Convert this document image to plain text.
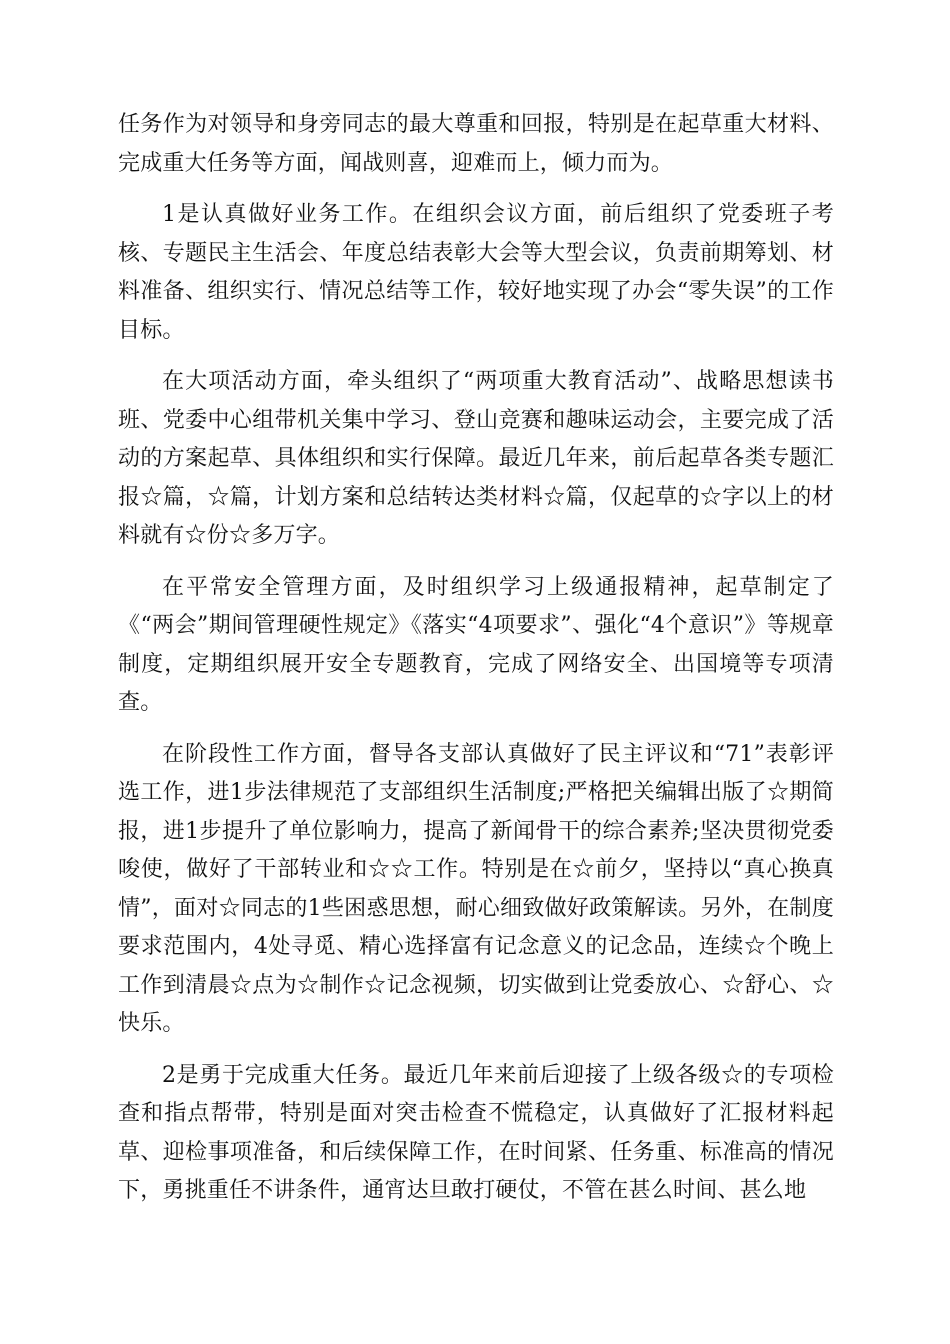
任务作为对领导和身旁同志的最大尊重和回报，特别是在起草重大材料、完成重大任务等方面，闻战则喜，迎难而上，倾力而为。

1是认真做好业务工作。在组织会议方面，前后组织了党委班子考核、专题民主生活会、年度总结表彰大会等大型会议，负责前期筹划、材料准备、组织实行、情况总结等工作，较好地实现了办会“零失误”的工作目标。

在大项活动方面，牵头组织了“两项重大教育活动”、战略思想读书班、党委中心组带机关集中学习、登山竞赛和趣味运动会，主要完成了活动的方案起草、具体组织和实行保障。最近几年来，前后起草各类专题汇报☆篇，☆篇，计划方案和总结转达类材料☆篇，仅起草的☆字以上的材料就有☆份☆多万字。

在平常安全管理方面，及时组织学习上级通报精神，起草制定了《“两会”期间管理硬性规定》《落实“4项要求”、强化“4个意识”》等规章制度，定期组织展开安全专题教育，完成了网络安全、出国境等专项清查。

在阶段性工作方面，督导各支部认真做好了民主评议和“71”表彰评选工作，进1步法律规范了支部组织生活制度;严格把关编辑出版了☆期简报，进1步提升了单位影响力，提高了新闻骨干的综合素养;坚决贯彻党委唆使，做好了干部转业和☆☆工作。特别是在☆前夕，坚持以“真心换真情”，面对☆同志的1些困惑思想，耐心细致做好政策解读。另外，在制度要求范围内，4处寻觅、精心选择富有记念意义的记念品，连续☆个晚上工作到清晨☆点为☆制作☆记念视频，切实做到让党委放心、☆舒心、☆快乐。

2是勇于完成重大任务。最近几年来前后迎接了上级各级☆的专项检查和指点帮带，特别是面对突击检查不慌稳定，认真做好了汇报材料起草、迎检事项准备，和后续保障工作，在时间紧、任务重、标准高的情况下，勇挑重任不讲条件，通宵达旦敢打硬仗，不管在甚么时间、甚么地
